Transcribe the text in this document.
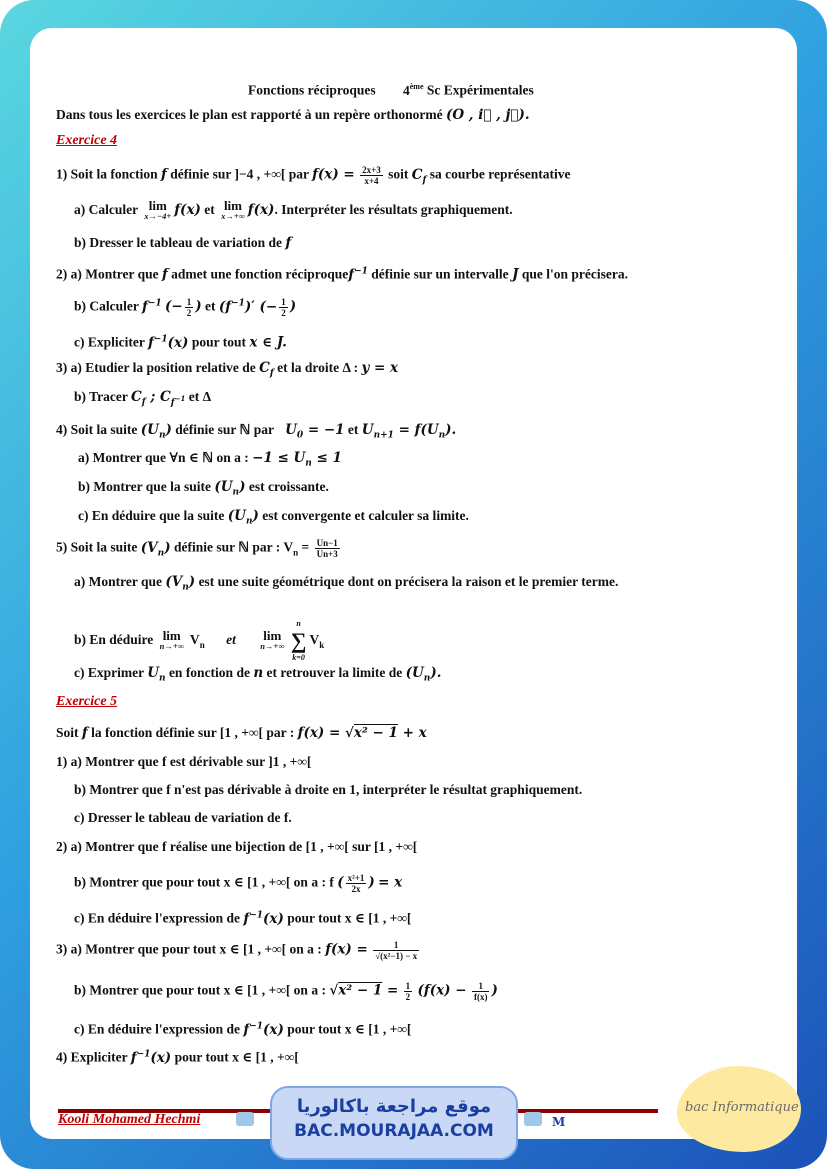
Fonctions réciproques 4ème Sc Expérimentales
Dans tous les exercices le plan est rapporté à un repère orthonormé (O , i⃗ , j⃗).
Exercice 4
1) Soit la fonction f définie sur ]−4 , +∞[ par $f(x) = \frac{2x+3}{x+4}$ soit $C_f$ sa courbe représentative
a) Calculer lim
x→−4+ f(x) et lim
x→+∞ f(x). Interpréter les résultats graphiquement.
b) Dresser le tableau de variation de f
2) a) Montrer que f admet une fonction réciproquef$^{-1}$ définie sur un intervalle J que l'on précisera.
b) Calculer $f^{-1}$ (− $\frac{1}{2}$ ) et $(f^{-1})'$ (− $\frac{1}{2}$ )
c) Expliciter $f^{-1}(x)$ pour tout x ∈ J.
3) a) Etudier la position relative de $C_f$ et la droite Δ : y = x
b) Tracer $C_f$ ; $C_{f^{-1}}$ et Δ
4) Soit la suite $(U_n)$ définie sur ℕ par $U_0 = -1$ et $U_{n+1} = f(U_n)$.
a) Montrer que ∀n ∈ ℕ on a : $-1 \le U_n \le 1$
b) Montrer que la suite $(U_n)$ est croissante.
c) En déduire que la suite $(U_n)$ est convergente et calculer sa limite.
5) Soit la suite $(V_n)$ définie sur ℕ par : $V_n = \frac{Un-1}{Un+3}$
a) Montrer que $(V_n)$ est une suite géométrique dont on précisera la raison et le premier terme.
b) En déduire lim
n→+∞ $V_n$ et lim
n→+∞

n
∑
k=0
$V_k$
c) Exprimer $U_n$ en fonction de n et retrouver la limite de $(U_n)$.
Exercice 5
Soit f la fonction définie sur [1 , +∞[ par : f(x) = √x² − 1 + x
1) a) Montrer que f est dérivable sur ]1 , +∞[
b) Montrer que f n'est pas dérivable à droite en 1, interpréter le résultat graphiquement.
c) Dresser le tableau de variation de f.
2) a) Montrer que f réalise une bijection de [1 , +∞[ sur [1 , +∞[
b) Montrer que pour tout x ∈ [1 , +∞[ on a : f ( $\frac{\text{x²+1}}{2x}$ ) = x
c) En déduire l'expression de $f^{-1}(x)$ pour tout x ∈ [1 , +∞[
3) a) Montrer que pour tout x ∈ [1 , +∞[ on a : $f(x) = \frac{1}{\text{√(x²−1) − x}}$
b) Montrer que pour tout x ∈ [1 , +∞[ on a : $√x^2 - 1 = \frac{1}{2} (f(x) - \frac{1}{f(x)}$ )
c) En déduire l'expression de $f^{-1}(x)$ pour tout x ∈ [1 , +∞[
4) Expliciter $f^{-1}(x)$ pour tout x ∈ [1 , +∞[
Kooli Mohamed Hechmi	M
موقع مراجعة باكالوريا
BAC.MOURAJAA.COM
bac Informatique
